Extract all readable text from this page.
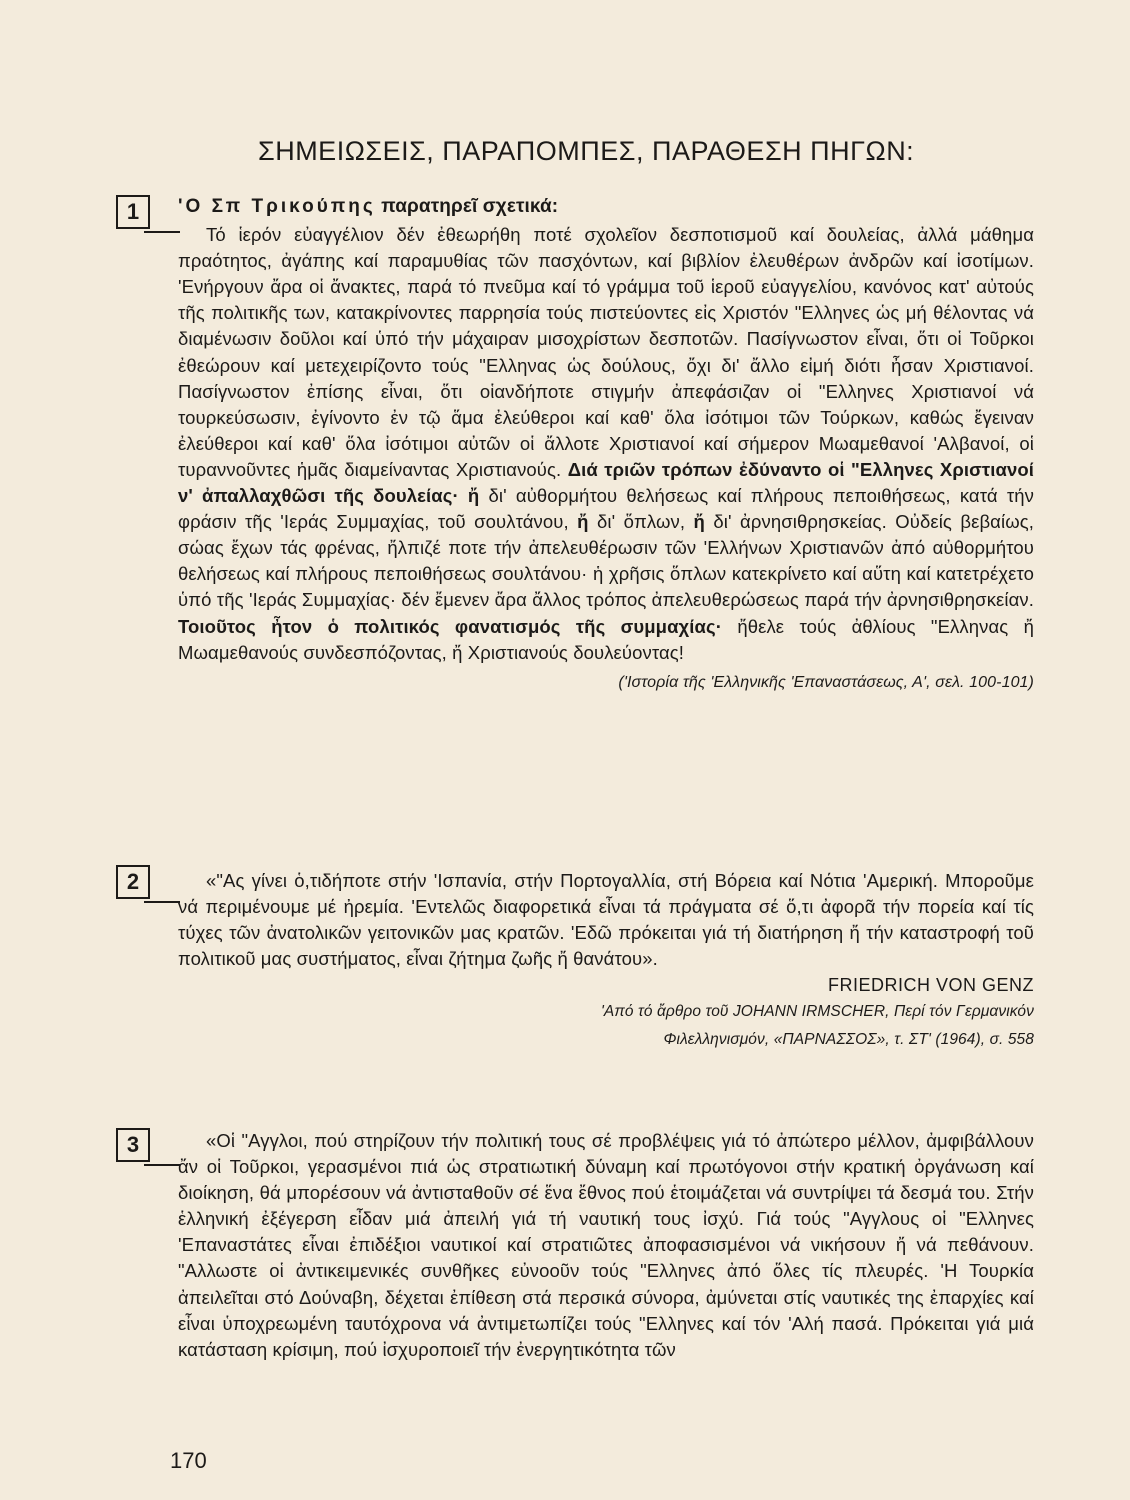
ΣΗΜΕΙΩΣΕΙΣ, ΠΑΡΑΠΟΜΠΕΣ, ΠΑΡΑΘΕΣΗ ΠΗΓΩΝ:
1	'Ο Σπ Τρικούπης παρατηρεῖ σχετικά:

Τό ἱερόν εὐαγγέλιον δέν ἐθεωρήθη ποτέ σχολεῖον δεσποτισμοῦ καί δουλείας, ἀλλά μάθημα πραότητος, ἀγάπης καί παραμυθίας τῶν πασχόντων, καί βιβλίον ἐλευθέρων ἀνδρῶν καί ἰσοτίμων. 'Ενήργουν ἄρα οἱ ἄνακτες, παρά τό πνεῦμα καί τό γράμμα τοῦ ἱεροῦ εὐαγγελίου, κανόνος κατ' αὐτούς τῆς πολιτικῆς των, κατακρίνοντες παρρησία τούς πιστεύοντες εἰς Χριστόν "Ελληνες ὡς μή θέλοντας νά διαμένωσιν δοῦλοι καί ὑπό τήν μάχαιραν μισοχρίστων δεσποτῶν. Πασίγνωστον εἶναι, ὅτι οἱ Τοῦρκοι ἐθεώρουν καί μετεχειρίζοντο τούς "Ελληνας ὡς δούλους, ὄχι δι' ἄλλο εἰμή διότι ἦσαν Χριστιανοί. Πασίγνωστον ἐπίσης εἶναι, ὅτι οἱανδήποτε στιγμήν ἀπεφάσιζαν οἱ "Ελληνες Χριστιανοί νά τουρκεύσωσιν, ἐγίνοντο ἐν τῷ ἅμα ἐλεύθεροι καί καθ' ὅλα ἰσότιμοι τῶν Τούρκων, καθώς ἔγειναν ἐλεύθεροι καί καθ' ὅλα ἰσότιμοι αὐτῶν οἱ ἄλλοτε Χριστιανοί καί σήμερον Μωαμεθανοί 'Αλβανοί, οἱ τυραννοῦντες ἡμᾶς διαμείναντας Χριστιανούς. Διά τριῶν τρόπων ἐδύναντο οἱ "Ελληνες Χριστιανοί ν' ἀπαλλαχθῶσι τῆς δουλείας· ἤ δι' αὐθορμήτου θελήσεως καί πλήρους πεποιθήσεως, κατά τήν φράσιν τῆς 'Ιεράς Συμμαχίας, τοῦ σουλτάνου, ἤ δι' ὅπλων, ἤ δι' ἀρνησιθρησκείας. Οὐδείς βεβαίως, σώας ἔχων τάς φρένας, ἤλπιζέ ποτε τήν ἀπελευθέρωσιν τῶν 'Ελλήνων Χριστιανῶν ἀπό αὐθορμήτου θελήσεως καί πλήρους πεποιθήσεως σουλτάνου· ἡ χρῆσις ὅπλων κατεκρίνετο καί αὕτη καί κατετρέχετο ὑπό τῆς 'Ιεράς Συμμαχίας· δέν ἔμενεν ἄρα ἄλλος τρόπος ἀπελευθερώσεως παρά τήν ἀρνησιθρησκείαν. Τοιοῦτος ἦτον ὁ πολιτικός φανατισμός τῆς συμμαχίας· ἤθελε τούς ἀθλίους "Ελληνας ἤ Μωαμεθανούς συνδεσπόζοντας, ἤ Χριστιανούς δουλεύοντας!

('Ιστορία τῆς 'Ελληνικῆς 'Επαναστάσεως, Α', σελ. 100-101)
2	«"Ας γίνει ὁ,τιδήποτε στήν 'Ισπανία, στήν Πορτογαλλία, στή Βόρεια καί Νότια 'Αμερική. Μποροῦμε νά περιμένουμε μέ ἠρεμία. 'Εντελῶς διαφορετικά εἶναι τά πράγματα σέ ὅ,τι ἀφορᾶ τήν πορεία καί τίς τύχες τῶν ἀνατολικῶν γειτονικῶν μας κρατῶν. 'Εδῶ πρόκειται γιά τή διατήρηση ἤ τήν καταστροφή τοῦ πολιτικοῦ μας συστήματος, εἶναι ζήτημα ζωῆς ἤ θανάτου».

FRIEDRICH VON GENZ
'Από τό ἄρθρο τοῦ JOHANN IRMSCHER, Περί τόν Γερμανικόν
Φιλελληνισμόν, «ΠΑΡΝΑΣΣΟΣ», τ. ΣΤ' (1964), σ. 558
3	«Οἱ "Αγγλοι, πού στηρίζουν τήν πολιτική τους σέ προβλέψεις γιά τό ἀπώτερο μέλλον, ἀμφιβάλλουν ἄν οἱ Τοῦρκοι, γερασμένοι πιά ὡς στρατιωτική δύναμη καί πρωτόγονοι στήν κρατική ὀργάνωση καί διοίκηση, θά μπορέσουν νά ἀντισταθοῦν σέ ἕνα ἔθνος πού ἑτοιμάζεται νά συντρίψει τά δεσμά του. Στήν ἑλληνική ἐξέγερση εἶδαν μιά ἀπειλή γιά τή ναυτική τους ἰσχύ. Γιά τούς "Αγγλους οἱ "Ελληνες 'Επαναστάτες εἶναι ἐπιδέξιοι ναυτικοί καί στρατιῶτες ἀποφασισμένοι νά νικήσουν ἤ νά πεθάνουν. "Αλλωστε οἱ ἀντικειμενικές συνθῆκες εὐνοοῦν τούς "Ελληνες ἀπό ὅλες τίς πλευρές. 'Η Τουρκία ἀπειλεῖται στό Δούναβη, δέχεται ἐπίθεση στά περσικά σύνορα, ἀμύνεται στίς ναυτικές της ἐπαρχίες καί εἶναι ὑποχρεωμένη ταυτόχρονα νά ἀντιμετωπίζει τούς "Ελληνες καί τόν 'Αλή πασά. Πρόκειται γιά μιά κατάσταση κρίσιμη, πού ἰσχυροποιεῖ τήν ἐνεργητικότητα τῶν

170
